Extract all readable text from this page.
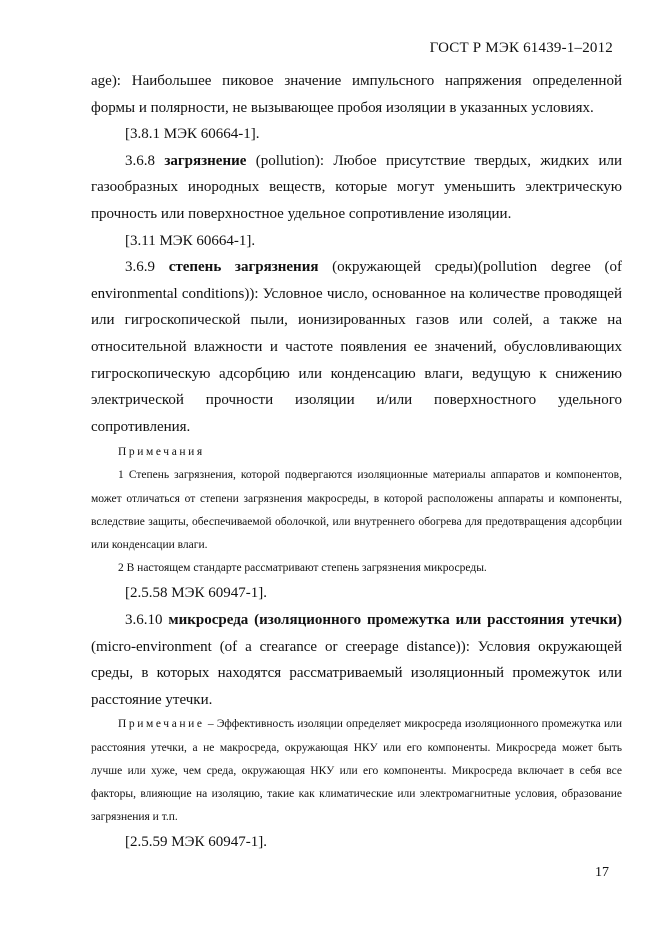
ГОСТ Р МЭК 61439-1–2012

age): Наибольшее пиковое значение импульсного напряжения определенной формы и полярности, не вызывающее пробоя изоляции в указанных условиях.

[3.8.1 МЭК 60664-1].

3.6.8 загрязнение (pollution): Любое присутствие твердых, жидких или газообразных инородных веществ, которые могут уменьшить электрическую прочность или поверхностное удельное сопротивление изоляции.

[3.11 МЭК 60664-1].

3.6.9 степень загрязнения (окружающей среды)(pollution degree (of environmental conditions)): Условное число, основанное на количестве проводящей или гигроскопической пыли, ионизированных газов или солей, а также на относительной влажности и частоте появления ее значений, обусловливающих гигроскопическую адсорбцию или конденсацию влаги, ведущую к снижению электрической прочности изоляции и/или поверхностного удельного сопротивления.

Примечания

1 Степень загрязнения, которой подвергаются изоляционные материалы аппаратов и компонентов, может отличаться от степени загрязнения макросреды, в которой расположены аппараты и компоненты, вследствие защиты, обеспечиваемой оболочкой, или внутреннего обогрева для предотвращения адсорбции или конденсации влаги.

2 В настоящем стандарте рассматривают степень загрязнения микросреды.

[2.5.58 МЭК 60947-1].

3.6.10 микросреда (изоляционного промежутка или расстояния утечки) (micro-environment (of a crearance or creepage distance)): Условия окружающей среды, в которых находятся рассматриваемый изоляционный промежуток или расстояние утечки.

Примечание – Эффективность изоляции определяет микросреда изоляционного промежутка или расстояния утечки, а не макросреда, окружающая НКУ или его компоненты. Микросреда может быть лучше или хуже, чем среда, окружающая НКУ или его компоненты. Микросреда включает в себя все факторы, влияющие на изоляцию, такие как климатические или электромагнитные условия, образование загрязнения и т.п.

[2.5.59 МЭК 60947-1].

17
